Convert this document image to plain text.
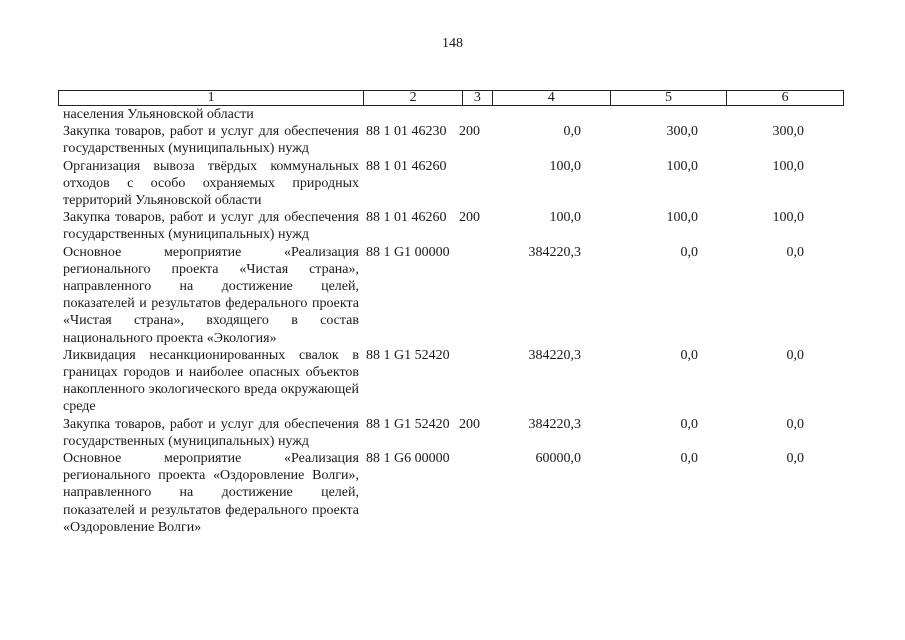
148
1	2	3	4	5	6
населения Ульяновской области
Закупка товаров, работ и услуг для обеспечения государственных (муниципальных) нужд
88 1 01 46230 200	0,0	300,0	300,0
Организация вывоза твёрдых коммунальных отходов с особо охраняемых природных территорий Ульяновской области
88 1 01 46260	100,0	100,0	100,0
Закупка товаров, работ и услуг для обеспечения государственных (муниципальных) нужд
88 1 01 46260 200	100,0	100,0	100,0
Основное мероприятие «Реализация регионального проекта «Чистая страна», направленного на достижение целей, показателей и результатов федерального проекта «Чистая страна», входящего в состав национального проекта «Экология»
88 1 G1 00000	384220,3	0,0	0,0
Ликвидация несанкционированных свалок в границах городов и наиболее опасных объектов накопленного экологического вреда окружающей среде
88 1 G1 52420	384220,3	0,0	0,0
Закупка товаров, работ и услуг для обеспечения государственных (муниципальных) нужд
88 1 G1 52420 200	384220,3	0,0	0,0
Основное мероприятие «Реализация регионального проекта «Оздоровление Волги», направленного на достижение целей, показателей и результатов федерального проекта «Оздоровление Волги»
88 1 G6 00000	60000,0	0,0	0,0
